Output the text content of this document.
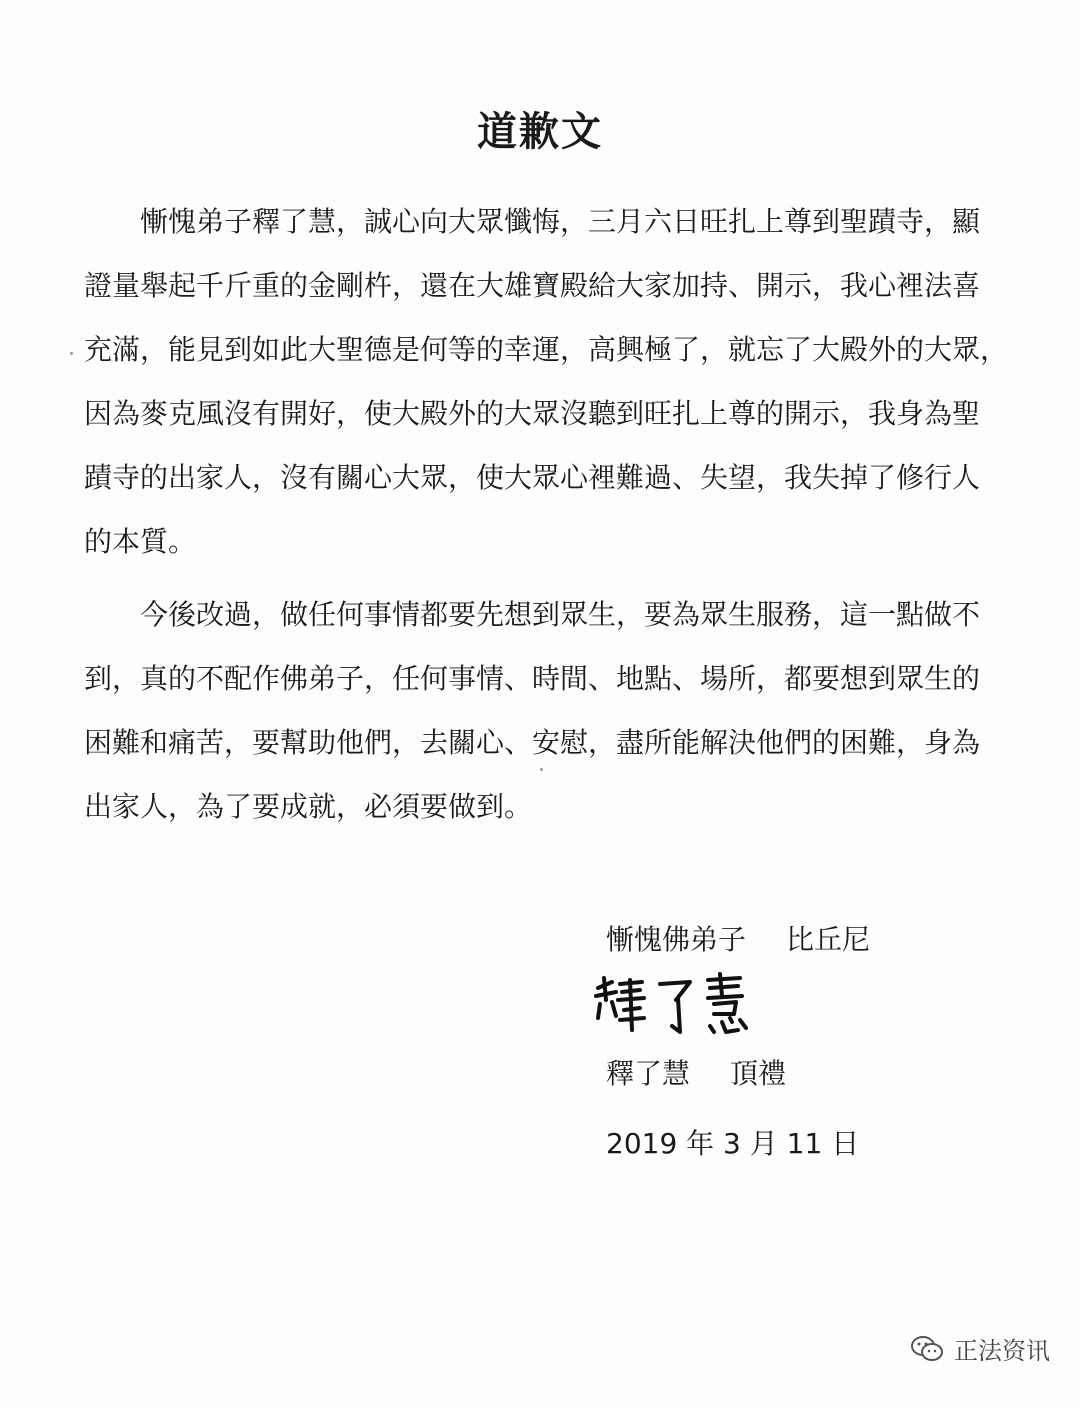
道歉文
　　慚愧弟子釋了慧，誠心向大眾懺悔，三月六日旺扎上尊到聖蹟寺，顯
證量舉起千斤重的金剛杵，還在大雄寶殿給大家加持、開示，我心裡法喜
充滿，能見到如此大聖德是何等的幸運，高興極了，就忘了大殿外的大眾，
因為麥克風沒有開好，使大殿外的大眾沒聽到旺扎上尊的開示，我身為聖
蹟寺的出家人，沒有關心大眾，使大眾心裡難過、失望，我失掉了修行人
的本質。
　　今後改過，做任何事情都要先想到眾生，要為眾生服務，這一點做不
到，真的不配作佛弟子，任何事情、時間、地點、場所，都要想到眾生的
困難和痛苦，要幫助他們，去關心、安慰，盡所能解決他們的困難，身為
出家人，為了要成就，必須要做到。
慚愧佛弟子 比丘尼
釋了慧 頂禮
2019 年 3 月 11 日
正法资讯
